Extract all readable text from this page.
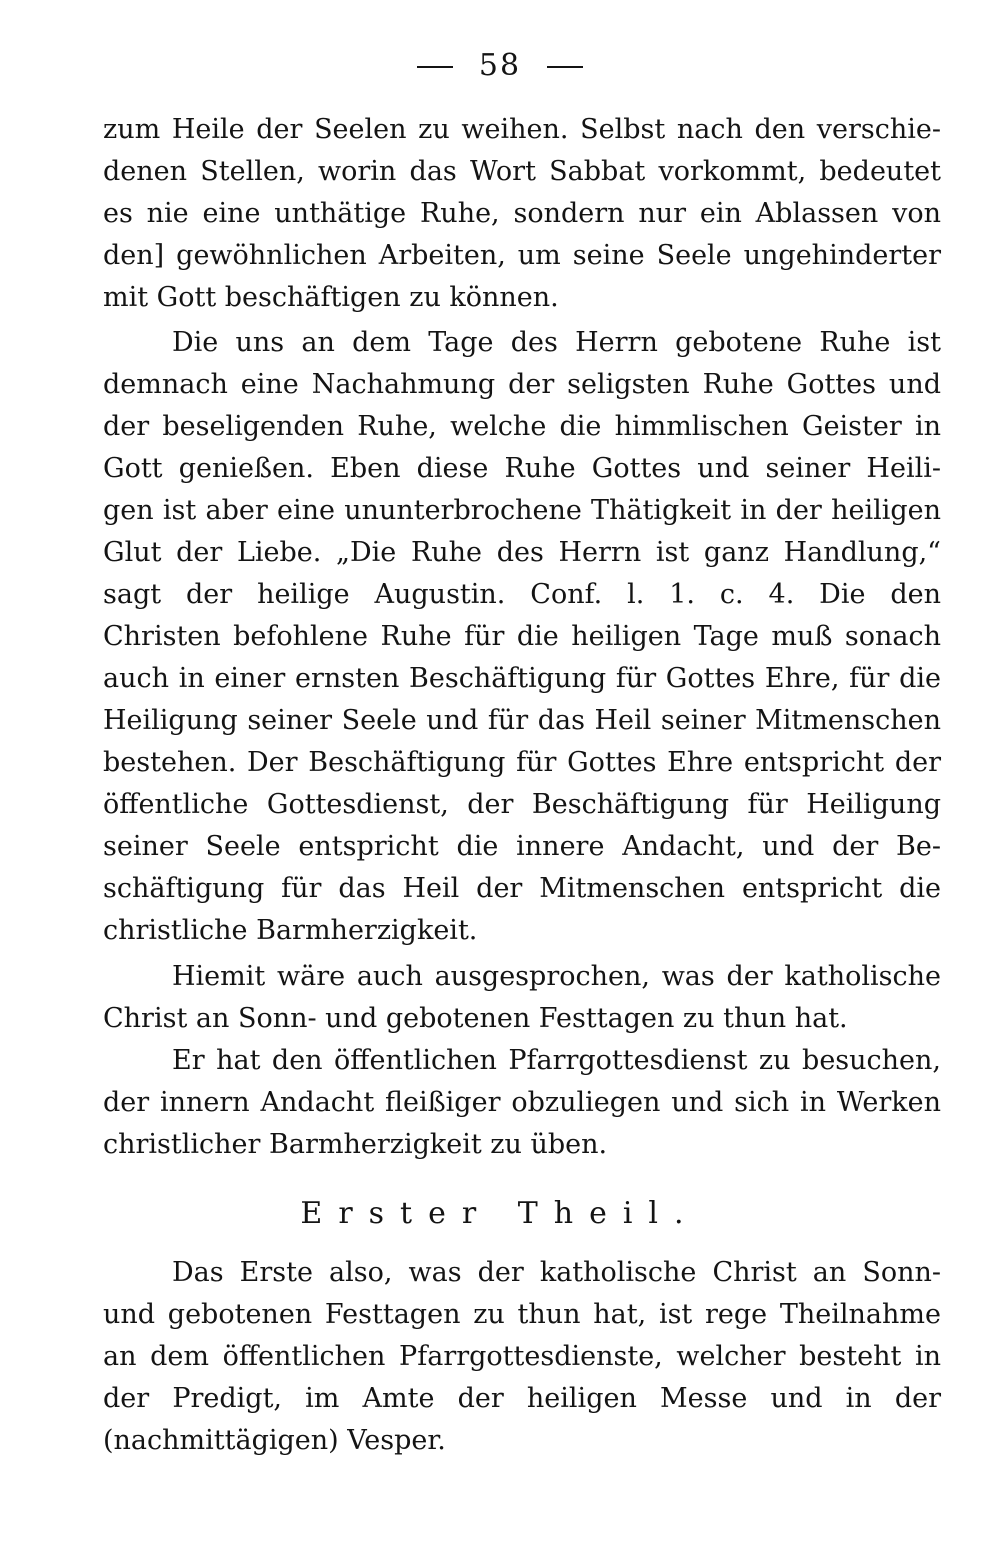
58
zum Heile der Seelen zu weihen. Selbst nach den verschie-
denen Stellen, worin das Wort Sabbat vorkommt, bedeutet
es nie eine unthätige Ruhe, sondern nur ein Ablassen von
den] gewöhnlichen Arbeiten, um seine Seele ungehinderter
mit Gott beschäftigen zu können.
Die uns an dem Tage des Herrn gebotene Ruhe ist
demnach eine Nachahmung der seligsten Ruhe Gottes und
der beseligenden Ruhe, welche die himmlischen Geister in
Gott genießen. Eben diese Ruhe Gottes und seiner Heili-
gen ist aber eine ununterbrochene Thätigkeit in der heiligen
Glut der Liebe. „Die Ruhe des Herrn ist ganz Handlung,“
sagt der heilige Augustin. Conf. l. 1. c. 4. Die den
Christen befohlene Ruhe für die heiligen Tage muß sonach
auch in einer ernsten Beschäftigung für Gottes Ehre, für die
Heiligung seiner Seele und für das Heil seiner Mitmenschen
bestehen. Der Beschäftigung für Gottes Ehre entspricht der
öffentliche Gottesdienst, der Beschäftigung für Heiligung
seiner Seele entspricht die innere Andacht, und der Be-
schäftigung für das Heil der Mitmenschen entspricht die
christliche Barmherzigkeit.
Hiemit wäre auch ausgesprochen, was der katholische
Christ an Sonn- und gebotenen Festtagen zu thun hat.
Er hat den öffentlichen Pfarrgottesdienst zu besuchen,
der innern Andacht fleißiger obzuliegen und sich in Werken
christlicher Barmherzigkeit zu üben.
Erster Theil.
Das Erste also, was der katholische Christ an Sonn-
und gebotenen Festtagen zu thun hat, ist rege Theilnahme
an dem öffentlichen Pfarrgottesdienste, welcher besteht in
der Predigt, im Amte der heiligen Messe und in der
(nachmittägigen) Vesper.
